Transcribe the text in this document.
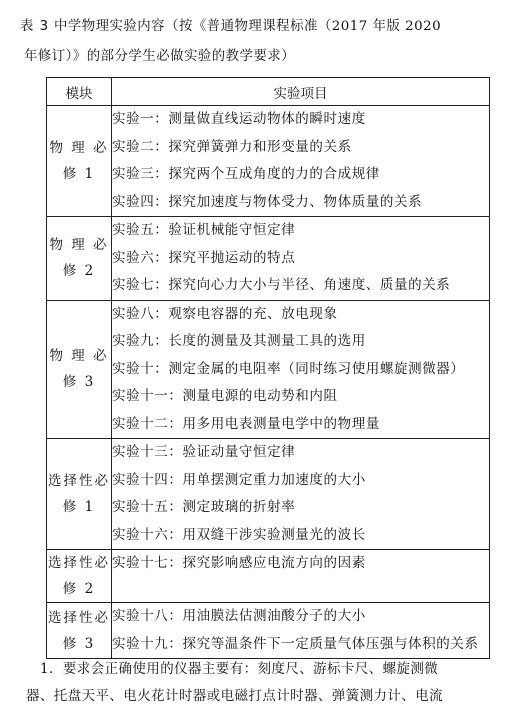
表 3 中学物理实验内容（按《普通物理课程标准（2017 年版 2020
年修订）》的部分学生必做实验的教学要求）
模块	实验项目
物 理 必 修 1	实验一：测量做直线运动物体的瞬时速度
实验二：探究弹簧弹力和形变量的关系
实验三：探究两个互成角度的力的合成规律
实验四：探究加速度与物体受力、物体质量的关系

物 理 必 修 2	实验五：验证机械能守恒定律
实验六：探究平抛运动的特点
实验七：探究向心力大小与半径、角速度、质量的关系

物 理 必 修 3	实验八：观察电容器的充、放电现象
实验九：长度的测量及其测量工具的选用
实验十：测定金属的电阻率（同时练习使用螺旋测微器）
实验十一：测量电源的电动势和内阻
实验十二：用多用电表测量电学中的物理量

选择性必修 1	实验十三：验证动量守恒定律
实验十四：用单摆测定重力加速度的大小
实验十五：测定玻璃的折射率
实验十六：用双缝干涉实验测量光的波长

选择性必修 2	实验十七：探究影响感应电流方向的因素

选择性必修 3	实验十八：用油膜法估测油酸分子的大小
实验十九：探究等温条件下一定质量气体压强与体积的关系
1．要求会正确使用的仪器主要有：刻度尺、游标卡尺、螺旋测微
器、托盘天平、电火花计时器或电磁打点计时器、弹簧测力计、电流
